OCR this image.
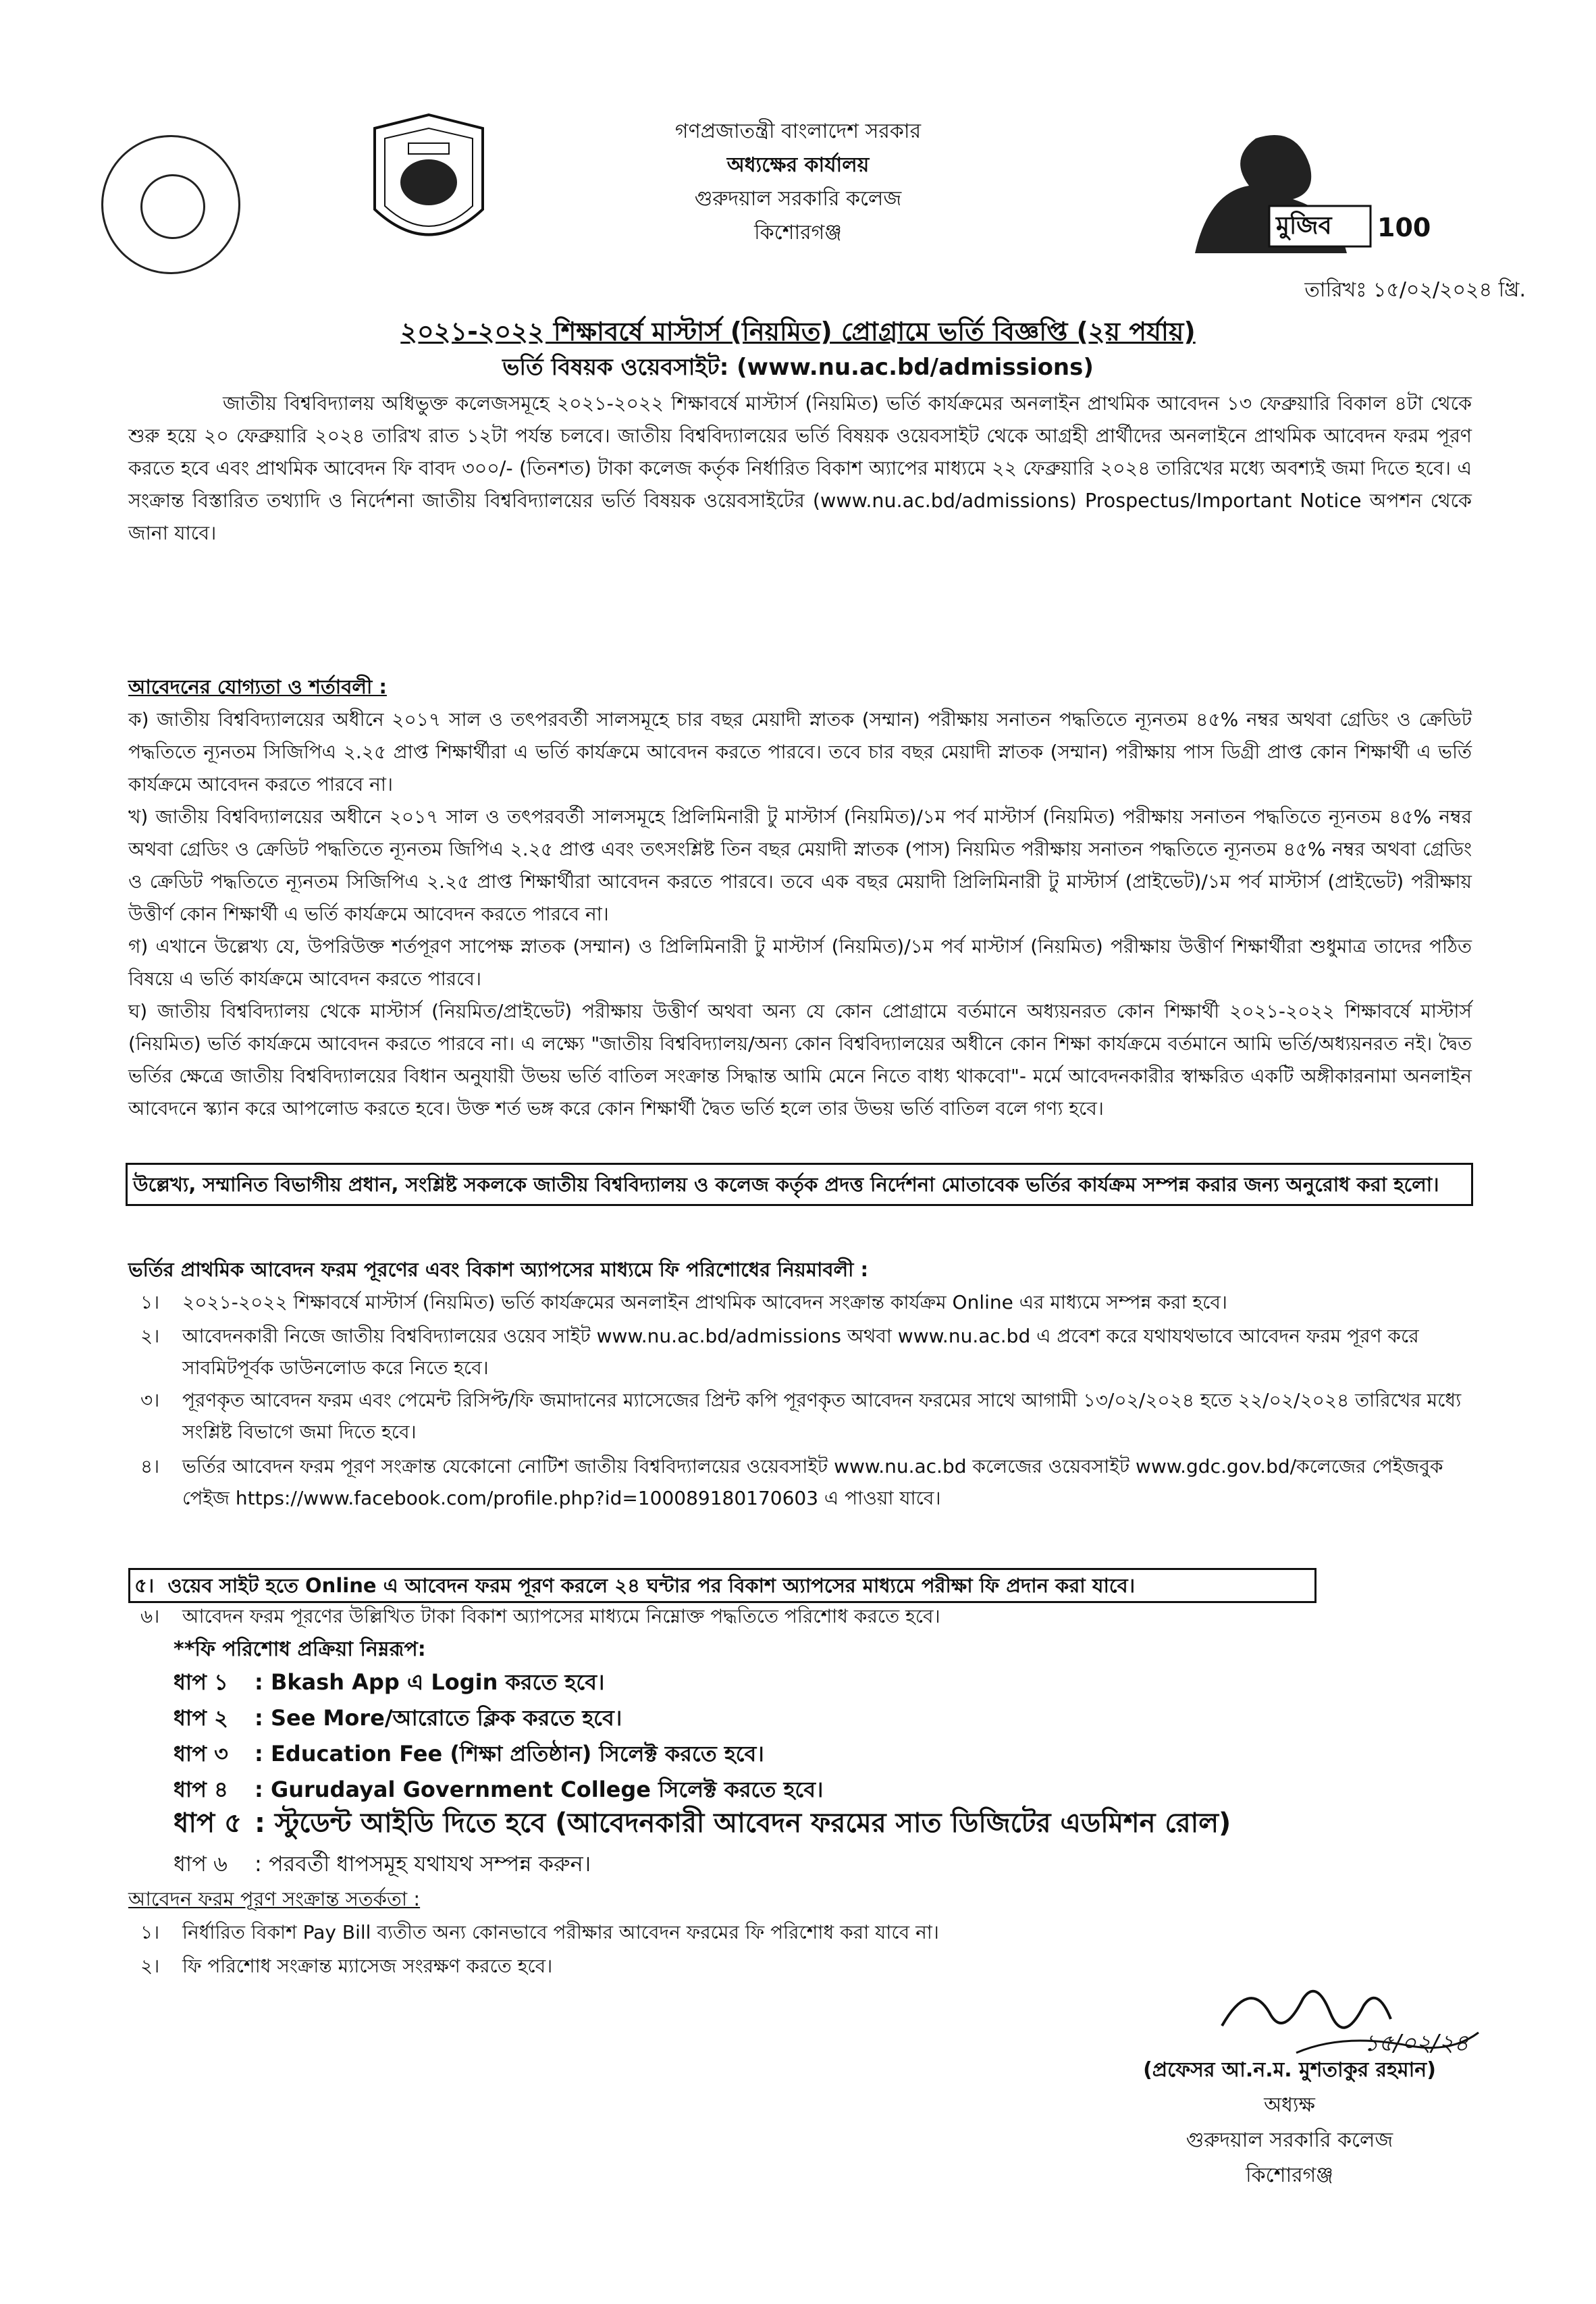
মুজিব 100
গণপ্রজাতন্ত্রী বাংলাদেশ সরকার
অধ্যক্ষের কার্যালয়
গুরুদয়াল সরকারি কলেজ
কিশোরগঞ্জ
তারিখঃ ১৫/০২/২০২৪ খ্রি.
২০২১-২০২২ শিক্ষাবর্ষে মাস্টার্স (নিয়মিত) প্রোগ্রামে ভর্তি বিজ্ঞপ্তি (২য় পর্যায়)
ভর্তি বিষয়ক ওয়েবসাইট: (www.nu.ac.bd/admissions)
জাতীয় বিশ্ববিদ্যালয় অধিভুক্ত কলেজসমূহে ২০২১-২০২২ শিক্ষাবর্ষে মাস্টার্স (নিয়মিত) ভর্তি কার্যক্রমের অনলাইন প্রাথমিক আবেদন ১৩ ফেব্রুয়ারি বিকাল ৪টা থেকে শুরু হয়ে ২০ ফেব্রুয়ারি ২০২৪ তারিখ রাত ১২টা পর্যন্ত চলবে। জাতীয় বিশ্ববিদ্যালয়ের ভর্তি বিষয়ক ওয়েবসাইট থেকে আগ্রহী প্রার্থীদের অনলাইনে প্রাথমিক আবেদন ফরম পূরণ করতে হবে এবং প্রাথমিক আবেদন ফি বাবদ ৩০০/- (তিনশত) টাকা কলেজ কর্তৃক নির্ধারিত বিকাশ অ্যাপের মাধ্যমে ২২ ফেব্রুয়ারি ২০২৪ তারিখের মধ্যে অবশ্যই জমা দিতে হবে। এ সংক্রান্ত বিস্তারিত তথ্যাদি ও নির্দেশনা জাতীয় বিশ্ববিদ্যালয়ের ভর্তি বিষয়ক ওয়েবসাইটের (www.nu.ac.bd/admissions) Prospectus/Important Notice অপশন থেকে জানা যাবে।
আবেদনের যোগ্যতা ও শর্তাবলী :
ক) জাতীয় বিশ্ববিদ্যালয়ের অধীনে ২০১৭ সাল ও তৎপরবর্তী সালসমূহে চার বছর মেয়াদী স্নাতক (সম্মান) পরীক্ষায় সনাতন পদ্ধতিতে ন্যূনতম ৪৫% নম্বর অথবা গ্রেডিং ও ক্রেডিট পদ্ধতিতে ন্যূনতম সিজিপিএ ২.২৫ প্রাপ্ত শিক্ষার্থীরা এ ভর্তি কার্যক্রমে আবেদন করতে পারবে। তবে চার বছর মেয়াদী স্নাতক (সম্মান) পরীক্ষায় পাস ডিগ্রী প্রাপ্ত কোন শিক্ষার্থী এ ভর্তি কার্যক্রমে আবেদন করতে পারবে না।
খ) জাতীয় বিশ্ববিদ্যালয়ের অধীনে ২০১৭ সাল ও তৎপরবর্তী সালসমূহে প্রিলিমিনারী টু মাস্টার্স (নিয়মিত)/১ম পর্ব মাস্টার্স (নিয়মিত) পরীক্ষায় সনাতন পদ্ধতিতে ন্যূনতম ৪৫% নম্বর অথবা গ্রেডিং ও ক্রেডিট পদ্ধতিতে ন্যূনতম জিপিএ ২.২৫ প্রাপ্ত এবং তৎসংশ্লিষ্ট তিন বছর মেয়াদী স্নাতক (পাস) নিয়মিত পরীক্ষায় সনাতন পদ্ধতিতে ন্যূনতম ৪৫% নম্বর অথবা গ্রেডিং ও ক্রেডিট পদ্ধতিতে ন্যূনতম সিজিপিএ ২.২৫ প্রাপ্ত শিক্ষার্থীরা আবেদন করতে পারবে। তবে এক বছর মেয়াদী প্রিলিমিনারী টু মাস্টার্স (প্রাইভেট)/১ম পর্ব মাস্টার্স (প্রাইভেট) পরীক্ষায় উত্তীর্ণ কোন শিক্ষার্থী এ ভর্তি কার্যক্রমে আবেদন করতে পারবে না।
গ) এখানে উল্লেখ্য যে, উপরিউক্ত শর্তপূরণ সাপেক্ষ স্নাতক (সম্মান) ও প্রিলিমিনারী টু মাস্টার্স (নিয়মিত)/১ম পর্ব মাস্টার্স (নিয়মিত) পরীক্ষায় উত্তীর্ণ শিক্ষার্থীরা শুধুমাত্র তাদের পঠিত বিষয়ে এ ভর্তি কার্যক্রমে আবেদন করতে পারবে।
ঘ) জাতীয় বিশ্ববিদ্যালয় থেকে মাস্টার্স (নিয়মিত/প্রাইভেট) পরীক্ষায় উত্তীর্ণ অথবা অন্য যে কোন প্রোগ্রামে বর্তমানে অধ্যয়নরত কোন শিক্ষার্থী ২০২১-২০২২ শিক্ষাবর্ষে মাস্টার্স (নিয়মিত) ভর্তি কার্যক্রমে আবেদন করতে পারবে না। এ লক্ষ্যে "জাতীয় বিশ্ববিদ্যালয়/অন্য কোন বিশ্ববিদ্যালয়ের অধীনে কোন শিক্ষা কার্যক্রমে বর্তমানে আমি ভর্তি/অধ্যয়নরত নই। দ্বৈত ভর্তির ক্ষেত্রে জাতীয় বিশ্ববিদ্যালয়ের বিধান অনুযায়ী উভয় ভর্তি বাতিল সংক্রান্ত সিদ্ধান্ত আমি মেনে নিতে বাধ্য থাকবো"- মর্মে আবেদনকারীর স্বাক্ষরিত একটি অঙ্গীকারনামা অনলাইন আবেদনে স্ক্যান করে আপলোড করতে হবে। উক্ত শর্ত ভঙ্গ করে কোন শিক্ষার্থী দ্বৈত ভর্তি হলে তার উভয় ভর্তি বাতিল বলে গণ্য হবে।
উল্লেখ্য, সম্মানিত বিভাগীয় প্রধান, সংশ্লিষ্ট সকলকে জাতীয় বিশ্ববিদ্যালয় ও কলেজ কর্তৃক প্রদত্ত নির্দেশনা মোতাবেক ভর্তির কার্যক্রম সম্পন্ন করার জন্য অনুরোধ করা হলো।
ভর্তির প্রাথমিক আবেদন ফরম পূরণের এবং বিকাশ অ্যাপসের মাধ্যমে ফি পরিশোধের নিয়মাবলী :
১। ২০২১-২০২২ শিক্ষাবর্ষে মাস্টার্স (নিয়মিত) ভর্তি কার্যক্রমের অনলাইন প্রাথমিক আবেদন সংক্রান্ত কার্যক্রম Online এর মাধ্যমে সম্পন্ন করা হবে।
২। আবেদনকারী নিজে জাতীয় বিশ্ববিদ্যালয়ের ওয়েব সাইট www.nu.ac.bd/admissions অথবা www.nu.ac.bd এ প্রবেশ করে যথাযথভাবে আবেদন ফরম পূরণ করে সাবমিটপূর্বক ডাউনলোড করে নিতে হবে।
৩। পূরণকৃত আবেদন ফরম এবং পেমেন্ট রিসিপ্ট/ফি জমাদানের ম্যাসেজের প্রিন্ট কপি পূরণকৃত আবেদন ফরমের সাথে আগামী ১৩/০২/২০২৪ হতে ২২/০২/২০২৪ তারিখের মধ্যে সংশ্লিষ্ট বিভাগে জমা দিতে হবে।
৪। ভর্তির আবেদন ফরম পূরণ সংক্রান্ত যেকোনো নোটিশ জাতীয় বিশ্ববিদ্যালয়ের ওয়েবসাইট www.nu.ac.bd কলেজের ওয়েবসাইট www.gdc.gov.bd/কলেজের পেইজবুক পেইজ https://www.facebook.com/profile.php?id=100089180170603 এ পাওয়া যাবে।
৫। ওয়েব সাইট হতে Online এ আবেদন ফরম পূরণ করলে ২৪ ঘন্টার পর বিকাশ অ্যাপসের মাধ্যমে পরীক্ষা ফি প্রদান করা যাবে।
৬। আবেদন ফরম পূরণের উল্লিখিত টাকা বিকাশ অ্যাপসের মাধ্যমে নিম্নোক্ত পদ্ধতিতে পরিশোধ করতে হবে।
**ফি পরিশোধ প্রক্রিয়া নিম্নরূপ:
ধাপ ১ : Bkash App এ Login করতে হবে।
ধাপ ২ : See More/আরোতে ক্লিক করতে হবে।
ধাপ ৩ : Education Fee (শিক্ষা প্রতিষ্ঠান) সিলেক্ট করতে হবে।
ধাপ ৪ : Gurudayal Government College সিলেক্ট করতে হবে।
ধাপ ৫ : স্টুডেন্ট আইডি দিতে হবে (আবেদনকারী আবেদন ফরমের সাত ডিজিটের এডমিশন রোল)
ধাপ ৬ : পরবর্তী ধাপসমূহ যথাযথ সম্পন্ন করুন।
আবেদন ফরম পূরণ সংক্রান্ত সতর্কতা :
১। নির্ধারিত বিকাশ Pay Bill ব্যতীত অন্য কোনভাবে পরীক্ষার আবেদন ফরমের ফি পরিশোধ করা যাবে না।
২। ফি পরিশোধ সংক্রান্ত ম্যাসেজ সংরক্ষণ করতে হবে।
১৫/০২/২৪
(প্রফেসর আ.ন.ম. মুশতাকুর রহমান)
অধ্যক্ষ
গুরুদয়াল সরকারি কলেজ
কিশোরগঞ্জ
